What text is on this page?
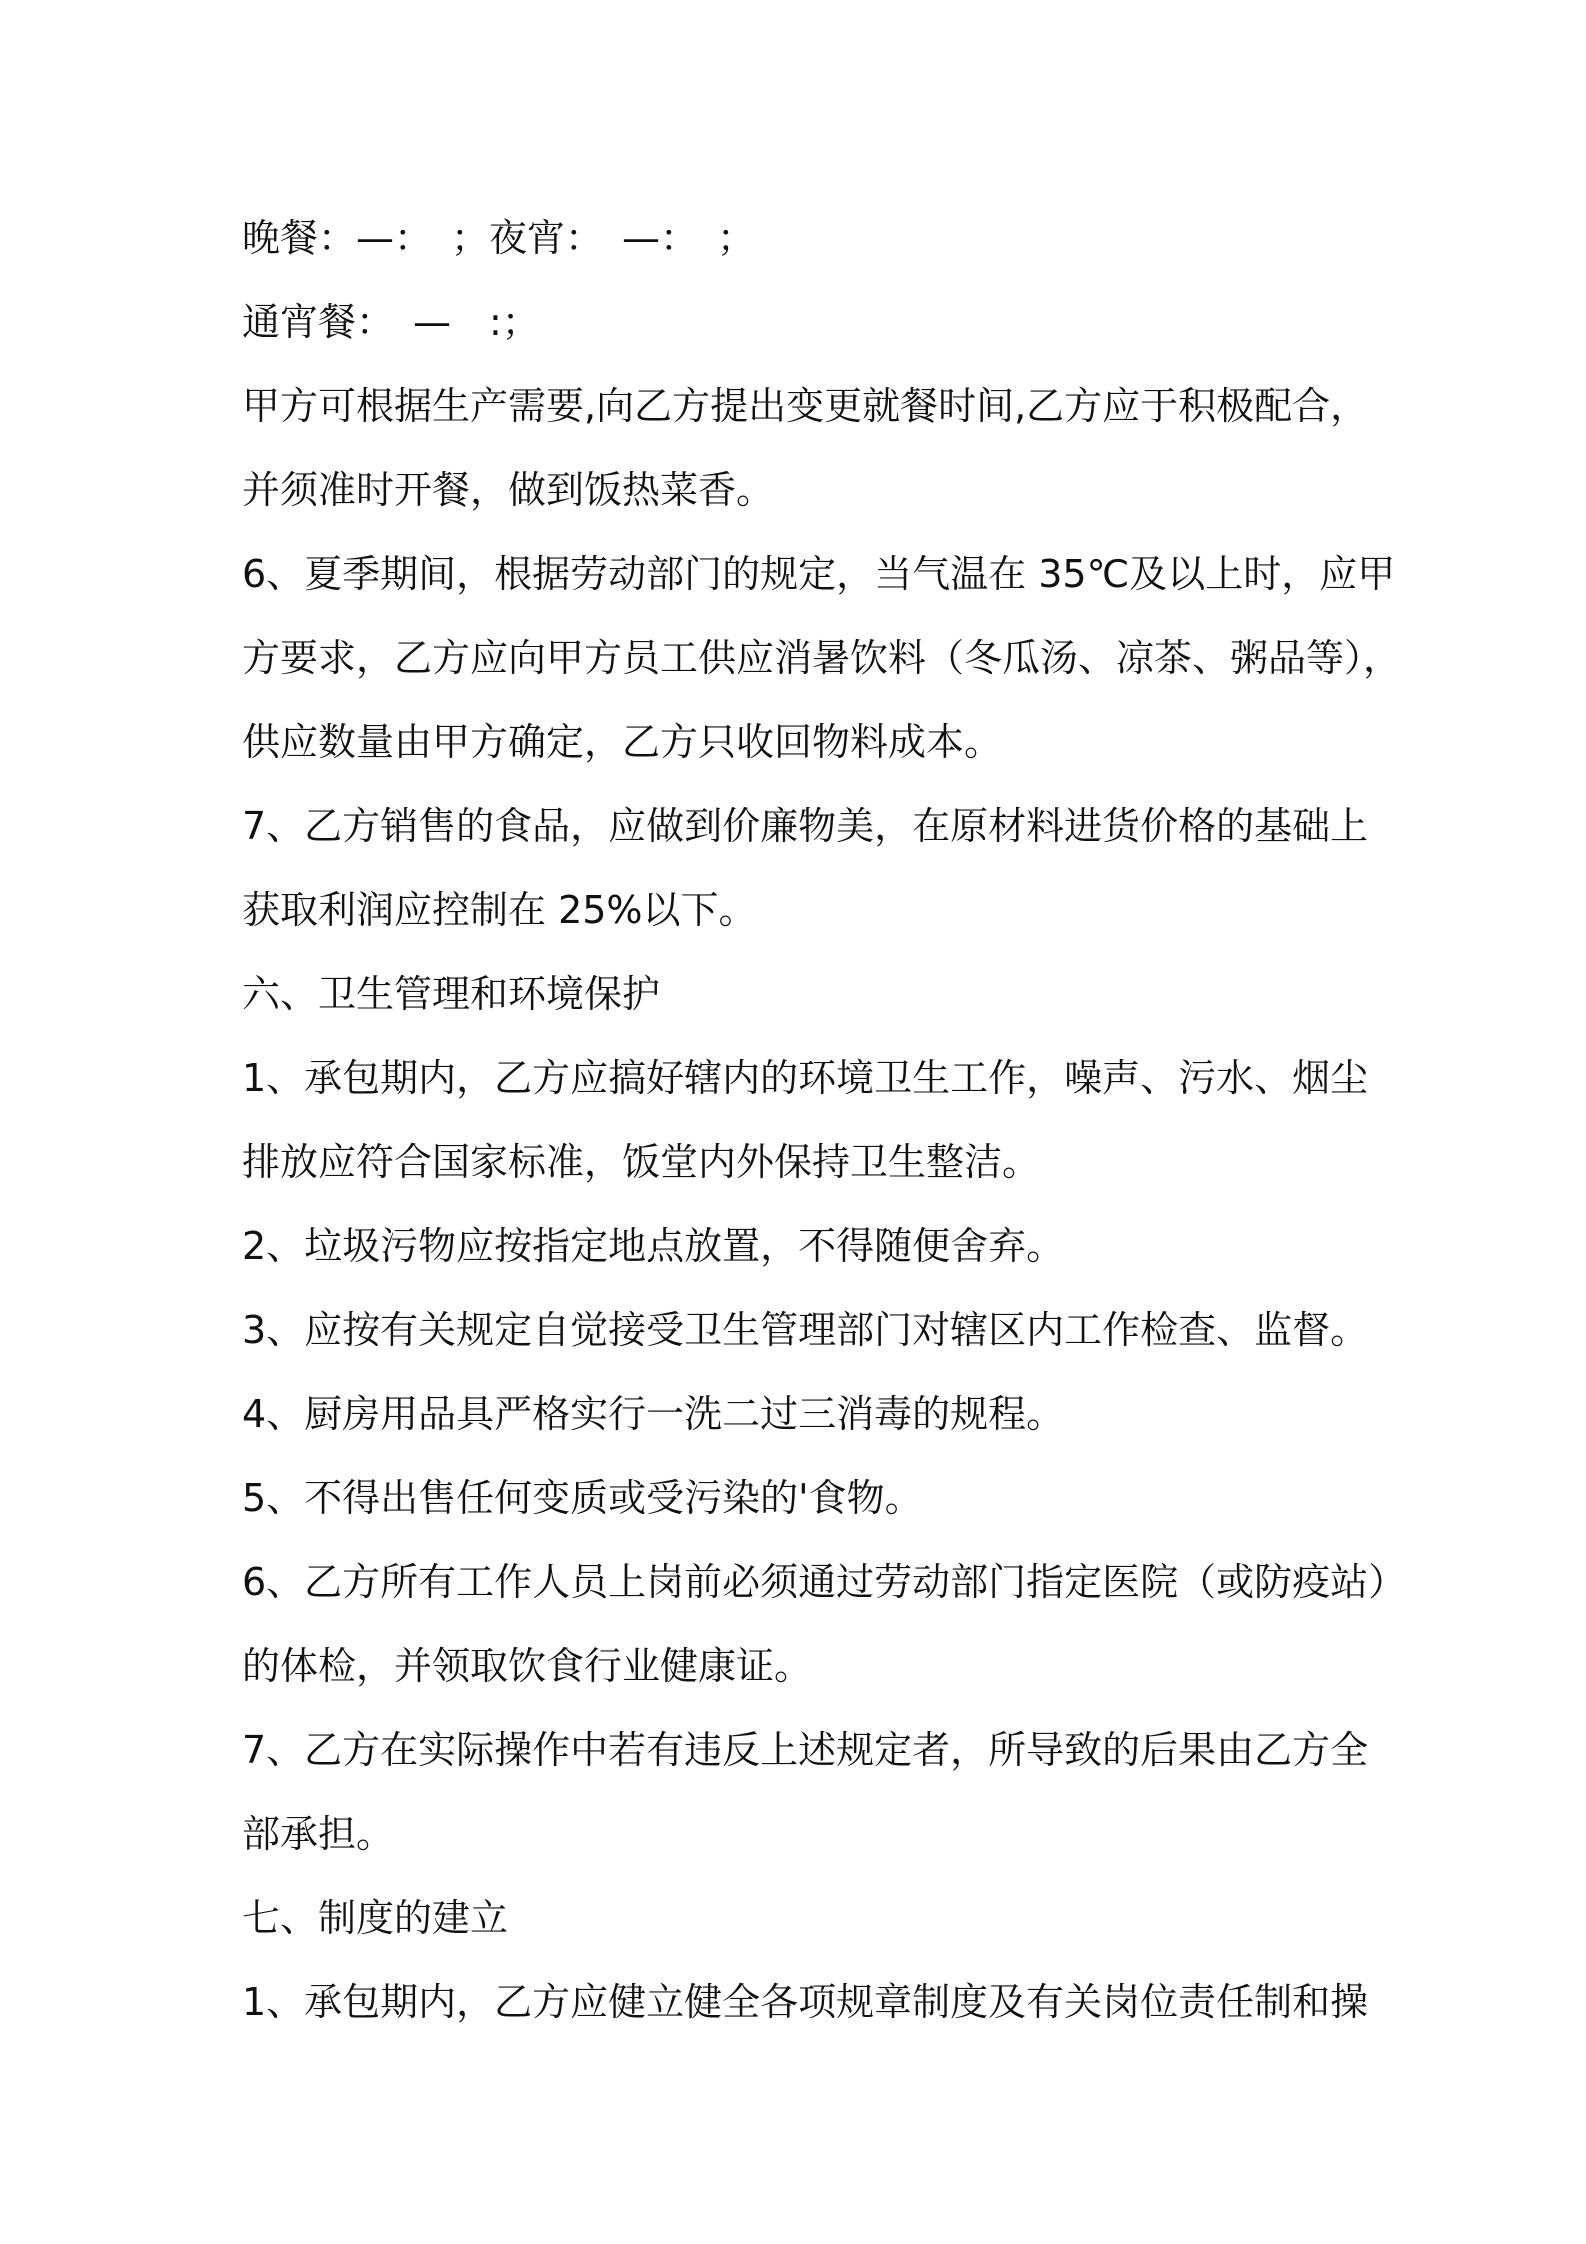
晚餐：—：　；夜宵：　—：　；
通宵餐：　—　:；
甲方可根据生产需要,向乙方提出变更就餐时间,乙方应于积极配合，
并须准时开餐，做到饭热菜香。
6、夏季期间，根据劳动部门的规定，当气温在 35℃及以上时，应甲
方要求，乙方应向甲方员工供应消暑饮料（冬瓜汤、凉茶、粥品等），
供应数量由甲方确定，乙方只收回物料成本。
7、乙方销售的食品，应做到价廉物美，在原材料进货价格的基础上
获取利润应控制在 25%以下。
六、卫生管理和环境保护
1、承包期内，乙方应搞好辖内的环境卫生工作，噪声、污水、烟尘
排放应符合国家标准，饭堂内外保持卫生整洁。
2、垃圾污物应按指定地点放置，不得随便舍弃。
3、应按有关规定自觉接受卫生管理部门对辖区内工作检查、监督。
4、厨房用品具严格实行一洗二过三消毒的规程。
5、不得出售任何变质或受污染的'食物。
6、乙方所有工作人员上岗前必须通过劳动部门指定医院（或防疫站）
的体检，并领取饮食行业健康证。
7、乙方在实际操作中若有违反上述规定者，所导致的后果由乙方全
部承担。
七、制度的建立
1、承包期内，乙方应健立健全各项规章制度及有关岗位责任制和操
